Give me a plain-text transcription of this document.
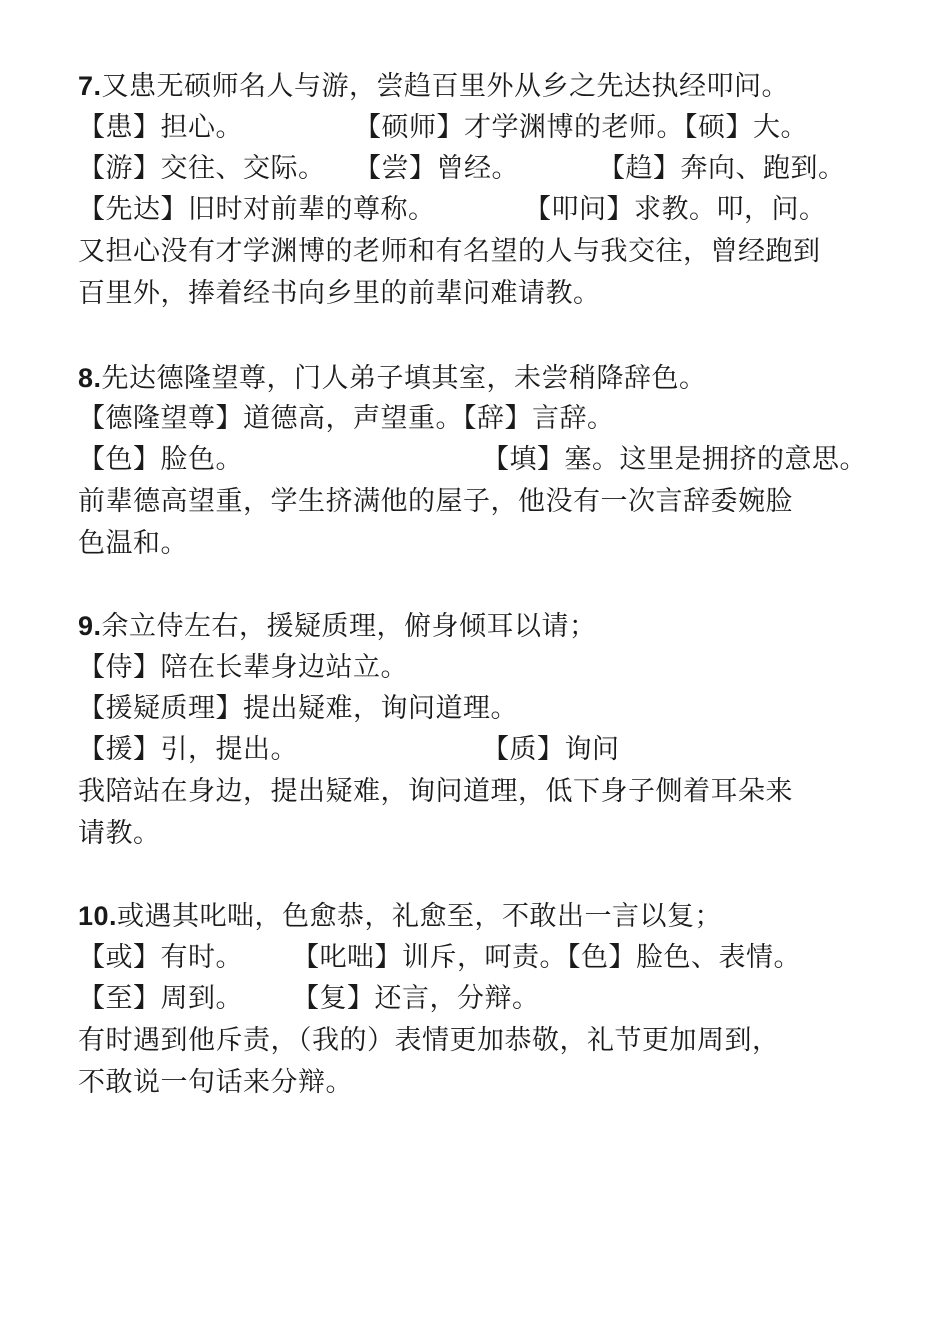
7.又患无硕师名人与游，尝趋百里外从乡之先达执经叩问。
【患】担心。	【硕师】才学渊博的老师。【硕】大。
【游】交往、交际。 【尝】曾经。	【趋】奔向、跑到。
【先达】旧时对前辈的尊称。	【叩问】求教。叩，问。
又担心没有才学渊博的老师和有名望的人与我交往，曾经跑到
百里外，捧着经书向乡里的前辈问难请教。
8.先达德隆望尊，门人弟子填其室，未尝稍降辞色。
【德隆望尊】道德高，声望重。【辞】言辞。
【色】脸色。	【填】塞。这里是拥挤的意思。
前辈德高望重，学生挤满他的屋子，他没有一次言辞委婉脸
色温和。
9.余立侍左右，援疑质理，俯身倾耳以请；
【侍】陪在长辈身边站立。
【援疑质理】提出疑难，询问道理。
【援】引，提出。	【质】询问
我陪站在身边，提出疑难，询问道理，低下身子侧着耳朵来
请教。
10.或遇其叱咄，色愈恭，礼愈至，不敢出一言以复；
【或】有时。 【叱咄】训斥，呵责。【色】脸色、表情。
【至】周到。 【复】还言，分辩。
有时遇到他斥责，（我的）表情更加恭敬，礼节更加周到，
不敢说一句话来分辩。
